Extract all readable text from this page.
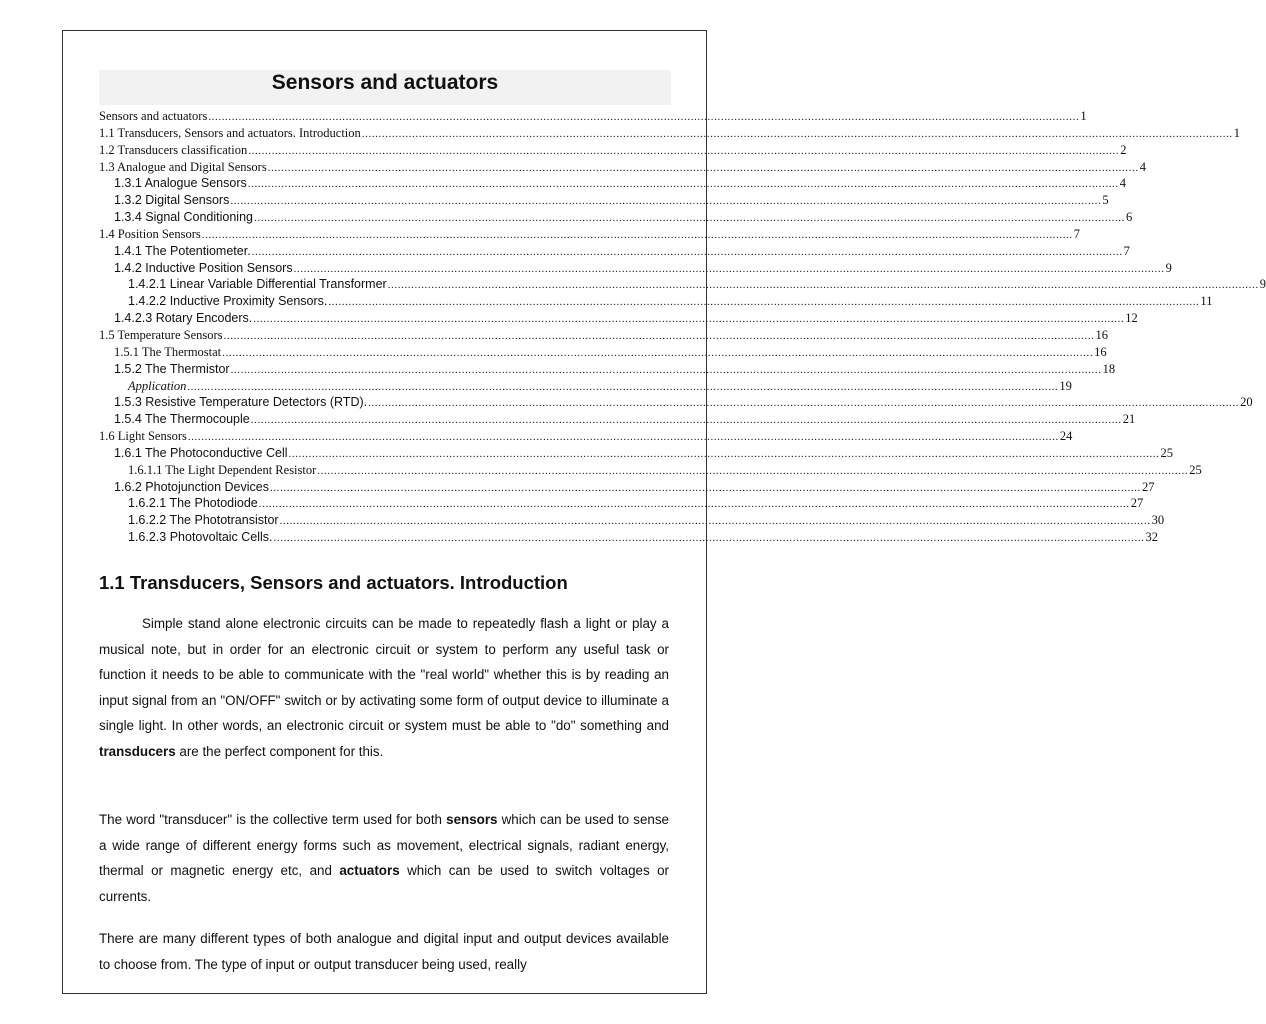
Sensors and actuators
Sensors and actuators .................................................................................................................................................................................................................................................................... 1
1.1 Transducers, Sensors and actuators. Introduction .................................................................................................................................................................................................................................................................... 1
1.2 Transducers classification .................................................................................................................................................................................................................................................................... 2
1.3 Analogue and Digital Sensors .................................................................................................................................................................................................................................................................... 4
1.3.1 Analogue Sensors .................................................................................................................................................................................................................................................................... 4
1.3.2 Digital Sensors .................................................................................................................................................................................................................................................................... 5
1.3.4 Signal Conditioning .................................................................................................................................................................................................................................................................... 6
1.4 Position Sensors .................................................................................................................................................................................................................................................................... 7
1.4.1 The Potentiometer. .................................................................................................................................................................................................................................................................... 7
1.4.2 Inductive Position Sensors .................................................................................................................................................................................................................................................................... 9
1.4.2.1 Linear Variable Differential Transformer .................................................................................................................................................................................................................................................................... 9
1.4.2.2 Inductive Proximity Sensors. .................................................................................................................................................................................................................................................................... 11
1.4.2.3 Rotary Encoders. .................................................................................................................................................................................................................................................................... 12
1.5 Temperature Sensors .................................................................................................................................................................................................................................................................... 16
1.5.1 The Thermostat .................................................................................................................................................................................................................................................................... 16
1.5.2 The Thermistor .................................................................................................................................................................................................................................................................... 18
Application .................................................................................................................................................................................................................................................................... 19
1.5.3 Resistive Temperature Detectors (RTD). .................................................................................................................................................................................................................................................................... 20
1.5.4 The Thermocouple .................................................................................................................................................................................................................................................................... 21
1.6 Light Sensors .................................................................................................................................................................................................................................................................... 24
1.6.1 The Photoconductive Cell .................................................................................................................................................................................................................................................................... 25
1.6.1.1 The Light Dependent Resistor .................................................................................................................................................................................................................................................................... 25
1.6.2 Photojunction Devices .................................................................................................................................................................................................................................................................... 27
1.6.2.1 The Photodiode .................................................................................................................................................................................................................................................................... 27
1.6.2.2 The Phototransistor .................................................................................................................................................................................................................................................................... 30
1.6.2.3 Photovoltaic Cells. .................................................................................................................................................................................................................................................................... 32
1.1 Transducers, Sensors and actuators. Introduction

Simple stand alone electronic circuits can be made to repeatedly flash a light or play a musical note, but in order for an electronic circuit or system to perform any useful task or function it needs to be able to communicate with the "real world" whether this is by reading an input signal from an "ON/OFF" switch or by activating some form of output device to illuminate a single light. In other words, an electronic circuit or system must be able to "do" something and transducers are the perfect component for this.

The word "transducer" is the collective term used for both sensors which can be used to sense a wide range of different energy forms such as movement, electrical signals, radiant energy, thermal or magnetic energy etc, and actuators which can be used to switch voltages or currents.

There are many different types of both analogue and digital input and output devices available to choose from. The type of input or output transducer being used, really
